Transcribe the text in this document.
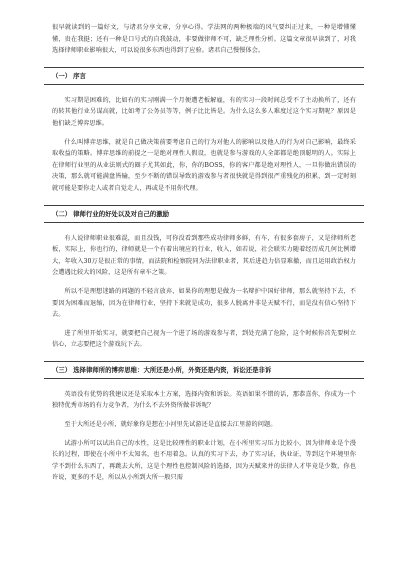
很早就读到的一篇好文，与诸君分享文章，分享心得。学法网的两种极端的风气要纠正过来，一种是增懂懂懂，贵在我挺；还有一种是口号式的自我鼓动，非要做律师不可，缺乏理性分析。这篇文章很早读到了，对我选择律师职业影响很大，可以说很多东西也得到了应验。诸君自己慢慢体会。

（一） 序言

实习期是困难的，比如有的实习刚满一个月便遭老板解雇，有的实习一段时间总受不了主动换所了，还有的转其他行业另谋高就，比如考了公务员等等，例子比比皆是。为什么这么多人难度过这个实习期呢？原因是他们缺乏博弈思维。

什么叫博弈思维，就是自己做决策前要考虑自己的行为对他人的影响以及他人的行为对自己影响，最终采取收益的策略。博弈思维的前提之一是绝对理性人假设，也就是参与游戏的人全部都是绝顶聪明的人。实际上在律师行业里的从业法则式的圈子尤其如此，你，你的BOSS，你的客户都是绝对理性人，一旦你做出错误的决策，那么就可能满盘皆输，至少不断的错误导致的游戏参与者很快就是得到很严重残化的积累，到一定时刻就可能是要你走人或者自觉走人，再或是不用你代理。

（二） 律师行业的好处以及对自己的激励

有人说律师职业很难混，而且没钱，可你没看到那些成功律师多鲜，有车，有很多套房子，又是律师所老板，实际上，你也行的，律师就是一个有着出境应的行业，收入，如若说，社会联实力随着经历成几何比例增大，年收入30万是很正常的事情，而法院和检察院同为法律职业者，其后进趋力倍显难撤，而且运用政治权力会遭遇比较大的风险，这是所有章车之策。

所以不是理想迷路的问题的不轻言放弃，如果你的理想是做为一名辩护中国好律师，那么就坚持下去，不要因为困难而退缩，因为在律师行业，坚持下来就是成功，很多人脱离并非是天赋不行，而是没有信心坚持下去。

进了所里开始实习，就要把自己视为一个进了场的游戏参与者，到处充满了危险，这个时候你首先要树立信心，立志要把这个游戏玩下去。

（三） 选择律师所的博弈思维：大所还是小所，外资还是内资，诉讼还是非诉

英语没有优势的我建议还是采取本土方案，选择内资和诉讼。英语如果不错的话，那恭喜你，你成为一个独特优秀市场的有力竞争者，为什么不去外资所做非诉呢？

至于大所还是小所，就好象你是想在小河里先试游还是直接去江里游的问题。

试游小所可以试出自己的水性，这是比较理性的职业计划，在小所里实习压力比较小，因为律师业是个漫长的过程，即使在小所中不太知名，也不用着急。认真的实习下去，办了实习证，执业证，等到这个环境里你学不到什么东西了，再跳去大所，这是个理性也控制风险的选择，因为天赋来并的法律人才毕竟是少数，你也许说，更多的不是，所以从小所到大所一般只需
